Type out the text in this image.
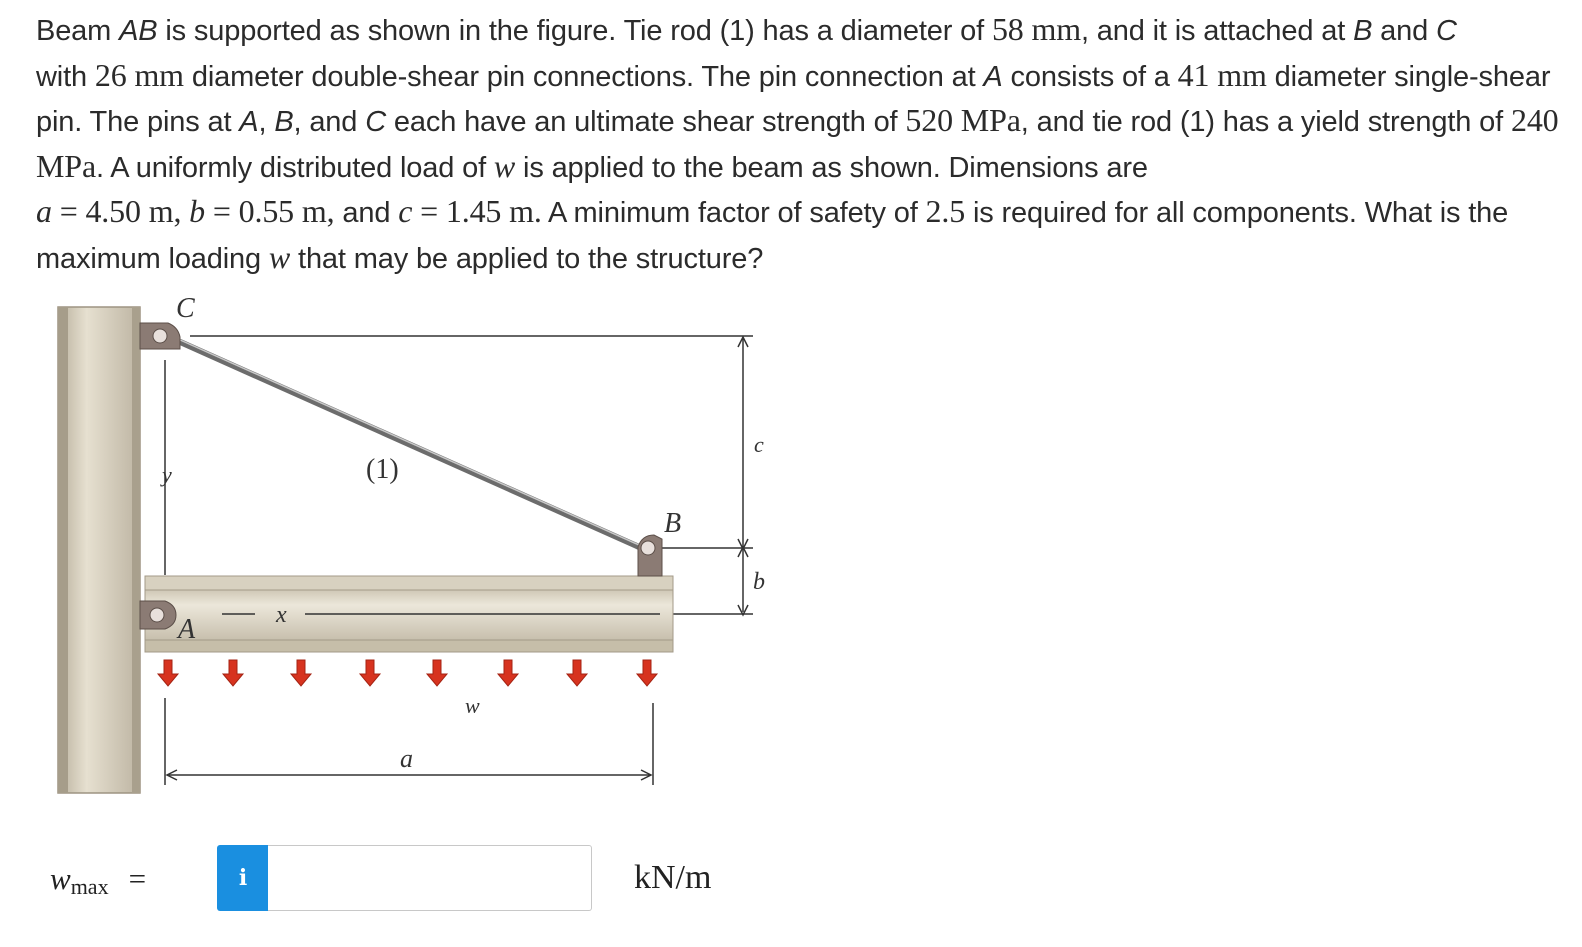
Beam AB is supported as shown in the figure. Tie rod (1) has a diameter of 58 mm, and it is attached at B and C
with 26 mm diameter double-shear pin connections. The pin connection at A consists of a 41 mm diameter single-shear pin. The pins at A, B, and C each have an ultimate shear strength of 520 MPa, and tie rod (1) has a yield strength of 240 MPa. A uniformly distributed load of w is applied to the beam as shown. Dimensions are
a = 4.50 m, b = 0.55 m, and c = 1.45 m. A minimum factor of safety of 2.5 is required for all components. What is the maximum loading w that may be applied to the structure?
c
b
y
x
(1)
C
B
A
w
a
$w_{max}$ =	i	kN/m
